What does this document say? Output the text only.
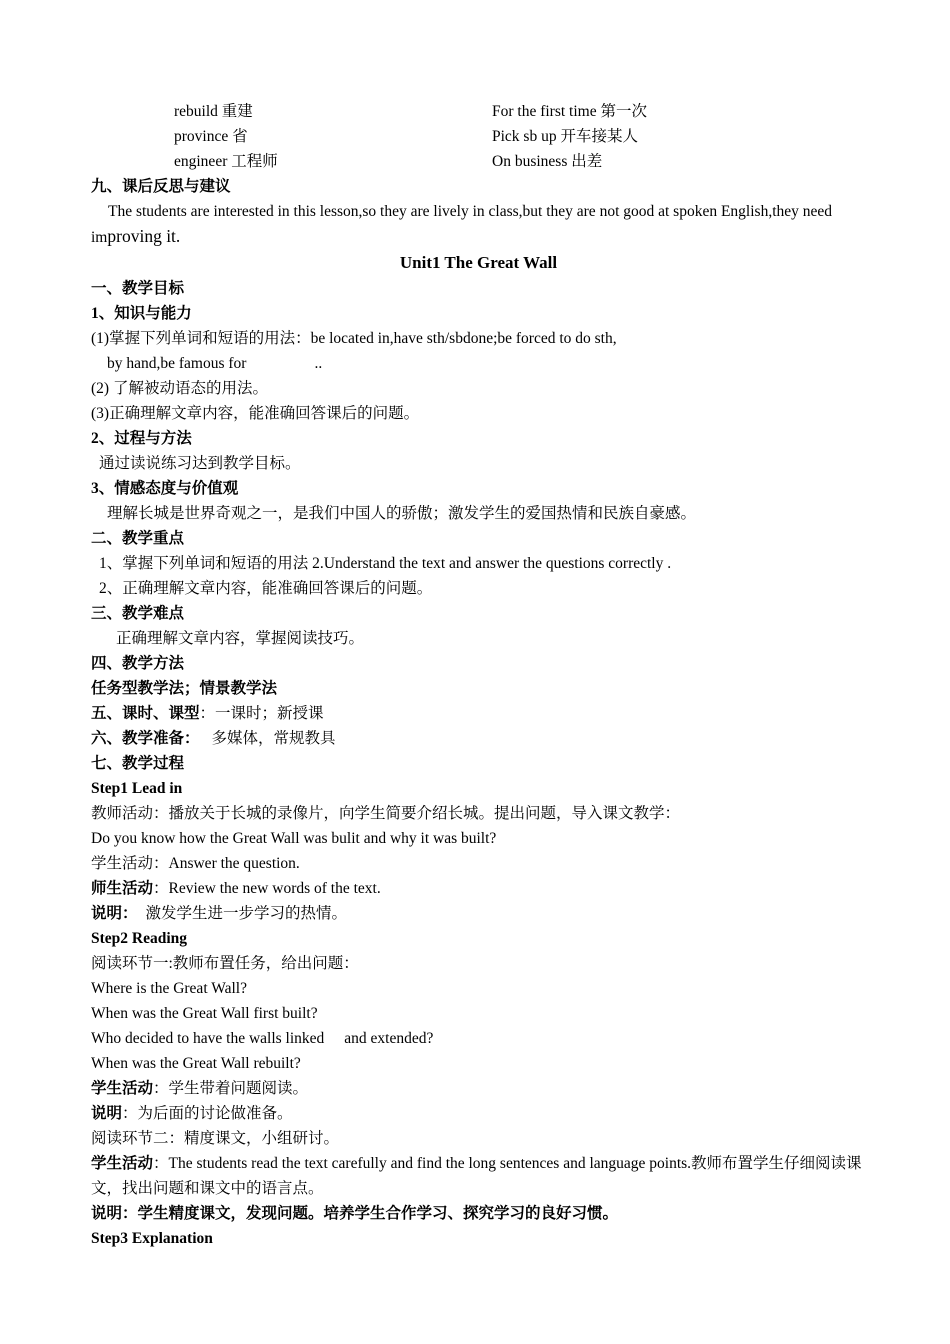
rebuild 重建	For the first time 第一次
province 省	Pick sb up 开车接某人
engineer 工程师	On business 出差
九、课后反思与建议
The students are interested in this lesson,so they are lively in class,but they are not good at spoken English,they need improving it.
Unit1 The Great Wall
一、教学目标
1、知识与能力
(1)掌握下列单词和短语的用法：be located in,have sth/sbdone;be forced to do sth,
by hand,be famous for	..
(2) 了解被动语态的用法。
(3)正确理解文章内容，能准确回答课后的问题。
2、过程与方法
通过读说练习达到教学目标。
3、情感态度与价值观
理解长城是世界奇观之一，是我们中国人的骄傲；激发学生的爱国热情和民族自豪感。
二、教学重点
1、掌握下列单词和短语的用法 2.Understand the text and answer the questions correctly .
2、正确理解文章内容，能准确回答课后的问题。
三、教学难点
正确理解文章内容，掌握阅读技巧。
四、教学方法
任务型教学法；情景教学法
五、课时、课型：一课时；新授课
六、教学准备： 多媒体，常规教具
七、教学过程
Step1 Lead in
教师活动：播放关于长城的录像片，向学生简要介绍长城。提出问题，导入课文教学：
Do you know how the Great Wall was bulit and why it was built?
学生活动：Answer the question.
师生活动：Review the new words of the text.
说明： 激发学生进一步学习的热情。
Step2 Reading
阅读环节一:教师布置任务，给出问题：
Where is the Great Wall?
When was the Great Wall first built?
Who decided to have the walls linked and extended?
When was the Great Wall rebuilt?
学生活动：学生带着问题阅读。
说明：为后面的讨论做准备。
阅读环节二：精度课文，小组研讨。
学生活动：The students read the text carefully and find the long sentences and language points.教师布置学生仔细阅读课文，找出问题和课文中的语言点。
说明：学生精度课文，发现问题。培养学生合作学习、探究学习的良好习惯。
Step3 Explanation
